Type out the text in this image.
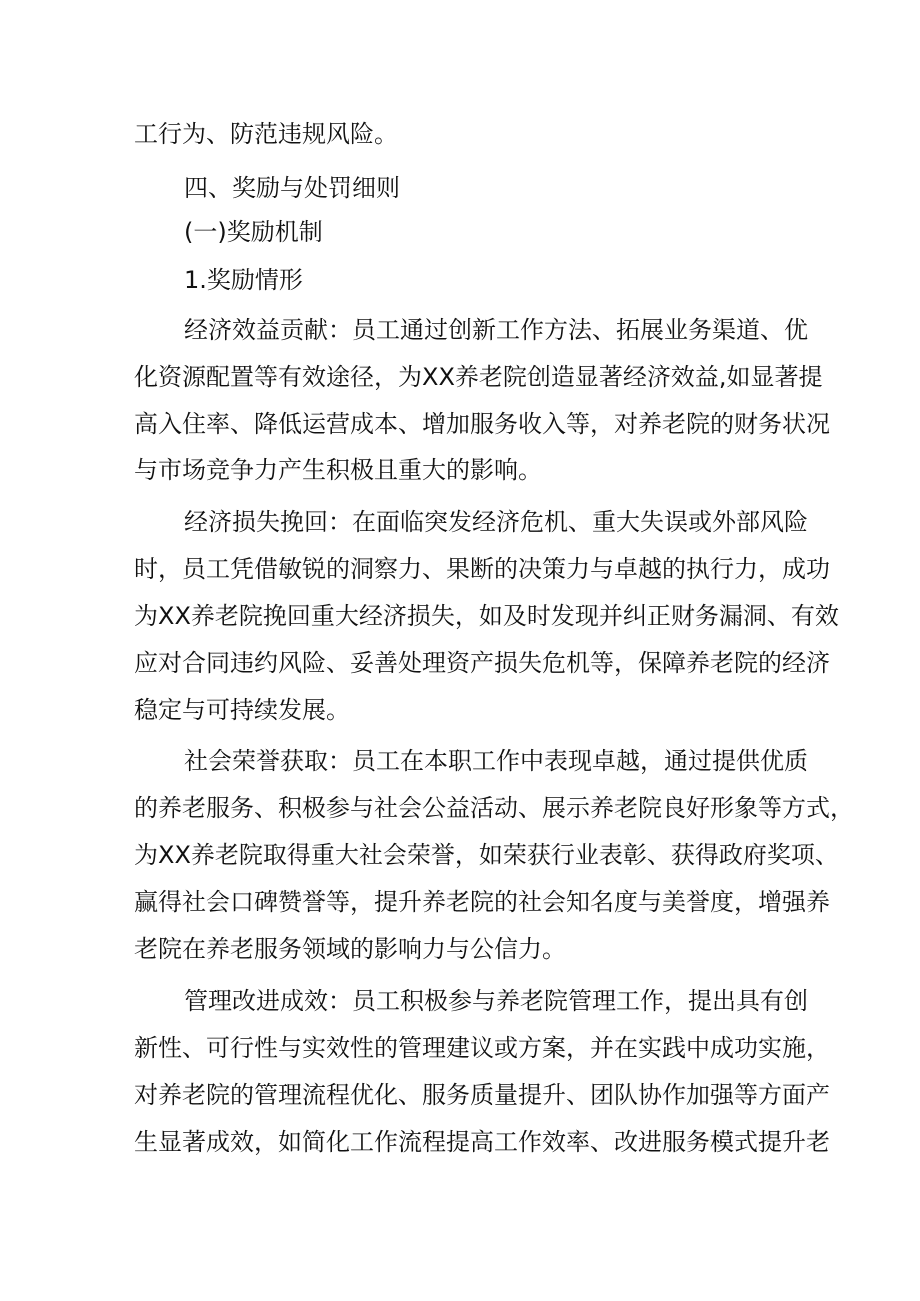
工行为、防范违规风险。
四、奖励与处罚细则
(一)奖励机制
1.奖励情形
经济效益贡献：员工通过创新工作方法、拓展业务渠道、优
化资源配置等有效途径，为XX养老院创造显著经济效益,如显著提
高入住率、降低运营成本、增加服务收入等，对养老院的财务状况
与市场竞争力产生积极且重大的影响。
经济损失挽回：在面临突发经济危机、重大失误或外部风险
时，员工凭借敏锐的洞察力、果断的决策力与卓越的执行力，成功
为XX养老院挽回重大经济损失，如及时发现并纠正财务漏洞、有效
应对合同违约风险、妥善处理资产损失危机等，保障养老院的经济
稳定与可持续发展。
社会荣誉获取：员工在本职工作中表现卓越，通过提供优质
的养老服务、积极参与社会公益活动、展示养老院良好形象等方式，
为XX养老院取得重大社会荣誉，如荣获行业表彰、获得政府奖项、
赢得社会口碑赞誉等，提升养老院的社会知名度与美誉度，增强养
老院在养老服务领域的影响力与公信力。
管理改进成效：员工积极参与养老院管理工作，提出具有创
新性、可行性与实效性的管理建议或方案，并在实践中成功实施，
对养老院的管理流程优化、服务质量提升、团队协作加强等方面产
生显著成效，如简化工作流程提高工作效率、改进服务模式提升老
